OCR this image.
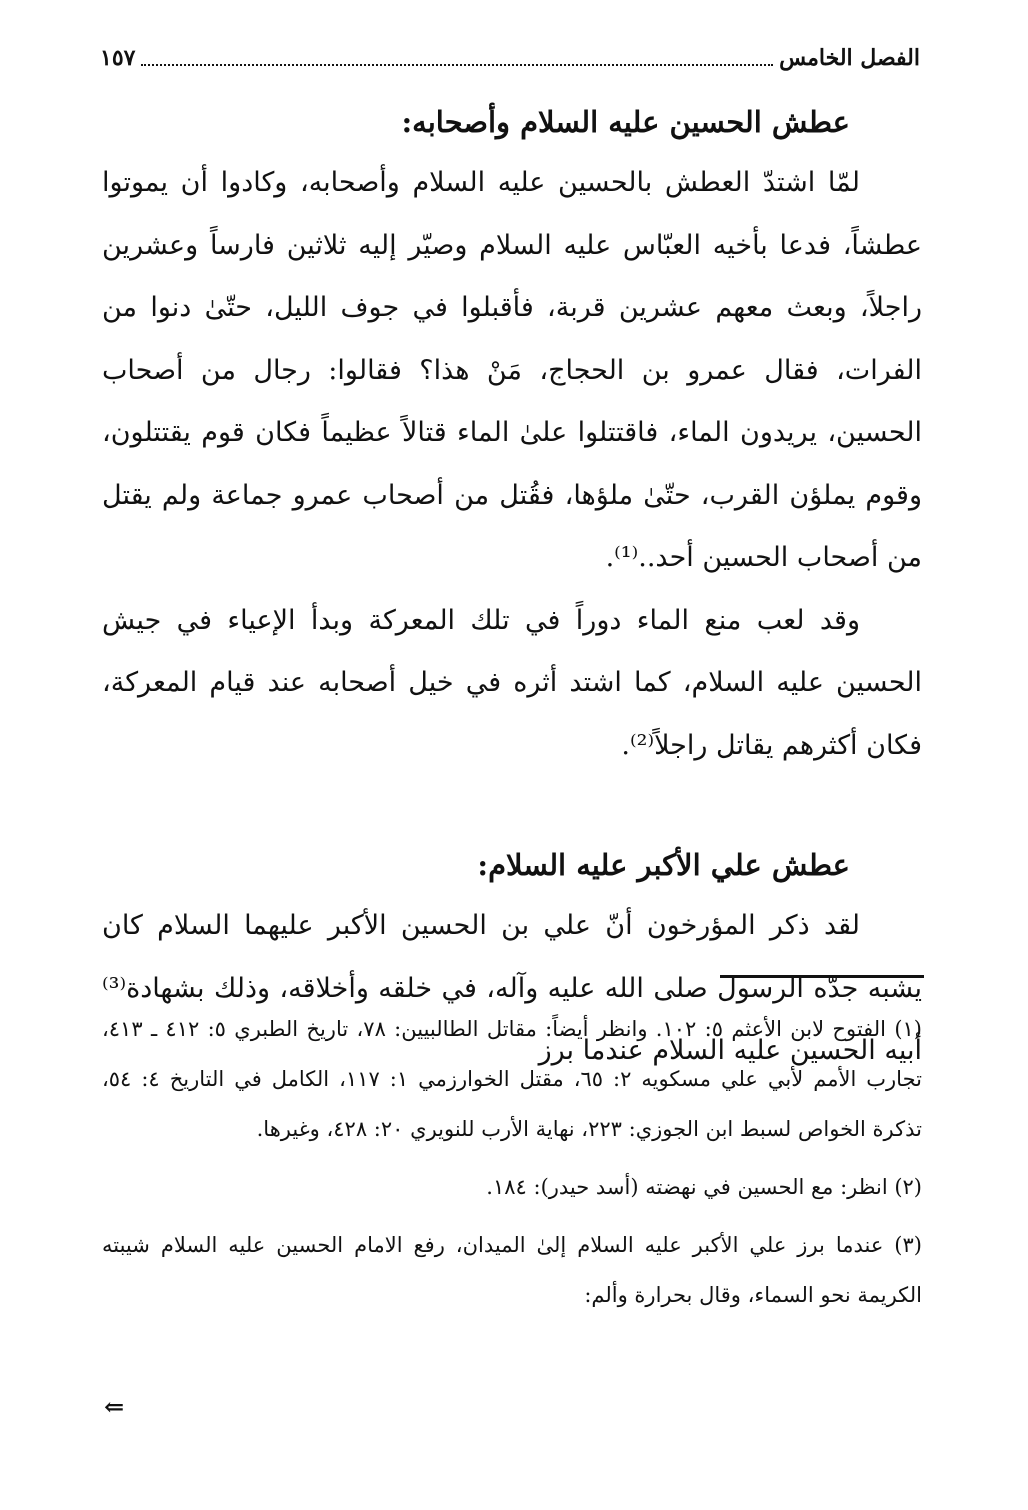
الفصل الخامس
١٥٧
عطش الحسين عليه السلام وأصحابه:

لمّا اشتدّ العطش بالحسين عليه السلام وأصحابه، وكادوا أن يموتوا عطشاً، فدعا بأخيه العبّاس عليه السلام وصيّر إليه ثلاثين فارساً وعشرين راجلاً، وبعث معهم عشرين قربة، فأقبلوا في جوف الليل، حتّىٰ دنوا من الفرات، فقال عمرو بن الحجاج، مَنْ هذا؟ فقالوا: رجال من أصحاب الحسين، يريدون الماء، فاقتتلوا علىٰ الماء قتالاً عظيماً فكان قوم يقتتلون، وقوم يملؤن القرب، حتّىٰ ملؤها، فقُتل من أصحاب عمرو جماعة ولم يقتل من أصحاب الحسين أحد..⁽¹⁾.

وقد لعب منع الماء دوراً في تلك المعركة وبدأ الإعياء في جيش الحسين عليه السلام، كما اشتد أثره في خيل أصحابه عند قيام المعركة، فكان أكثرهم يقاتل راجلاً⁽²⁾.

عطش علي الأكبر عليه السلام:

لقد ذكر المؤرخون أنّ علي بن الحسين الأكبر عليهما السلام كان يشبه جدّه الرسول صلى الله عليه وآله، في خلقه وأخلاقه، وذلك بشهادة⁽³⁾ أبيه الحسين عليه السلام عندما برز

(١) الفتوح لابن الأعثم ٥: ١٠٢. وانظر أيضاً: مقاتل الطالبيين: ٧٨، تاريخ الطبري ٥: ٤١٢ ـ ٤١٣، تجارب الأمم لأبي علي مسكويه ٢: ٦٥، مقتل الخوارزمي ١: ١١٧، الكامل في التاريخ ٤: ٥٤، تذكرة الخواص لسبط ابن الجوزي: ٢٢٣، نهاية الأرب للنويري ٢٠: ٤٢٨، وغيرها.

(٢) انظر: مع الحسين في نهضته (أسد حيدر): ١٨٤.

(٣) عندما برز علي الأكبر عليه السلام إلىٰ الميدان، رفع الامام الحسين عليه السلام شيبته الكريمة نحو السماء، وقال بحرارة وألم:

⇐
